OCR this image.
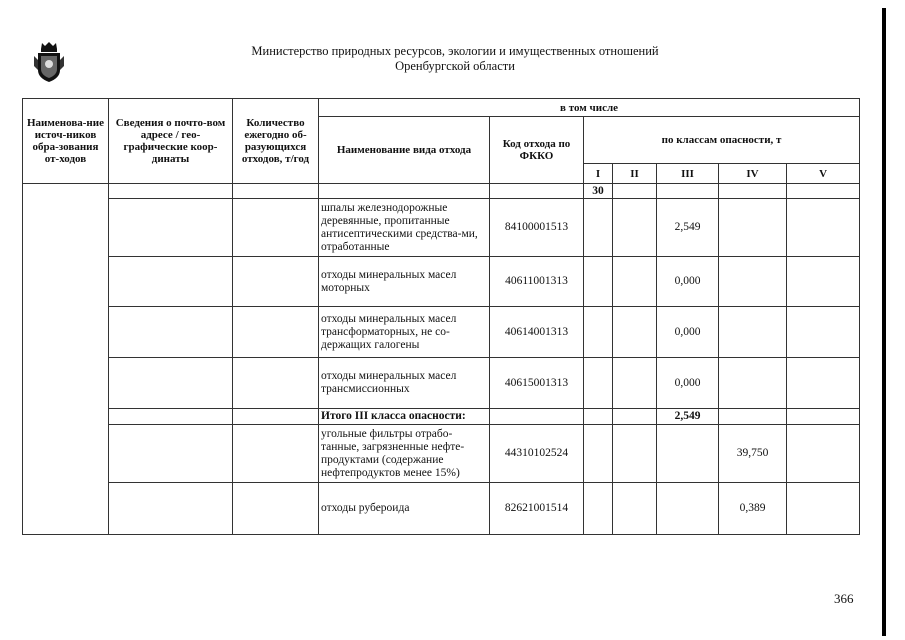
Министерство природных ресурсов, экологии и имущественных отношений
Оренбургской области
Наименова-ние источ-ников обра-зования от-ходов	Сведения о почто-вом адресе / гео-графические коор-динаты	Количество ежегодно об-разующихся отходов, т/год	в том числе						
			Наименование вида отхода	Код отхода по ФККО	по классам опасности, т				
					I	II	III	IV	V
					30				
			шпалы железнодорожные деревянные, пропитанные антисептическими средства-ми, отработанные	84100001513			2,549		
			отходы минеральных масел моторных	40611001313			0,000		
			отходы минеральных масел трансформаторных, не со-держащих галогены	40614001313			0,000		
			отходы минеральных масел трансмиссионных	40615001313			0,000		
			Итого III класса опасности:				2,549		
			угольные фильтры отрабо-танные, загрязненные нефте-продуктами (содержание нефтепродуктов менее 15%)	44310102524				39,750	
			отходы рубероида	82621001514				0,389	
366
